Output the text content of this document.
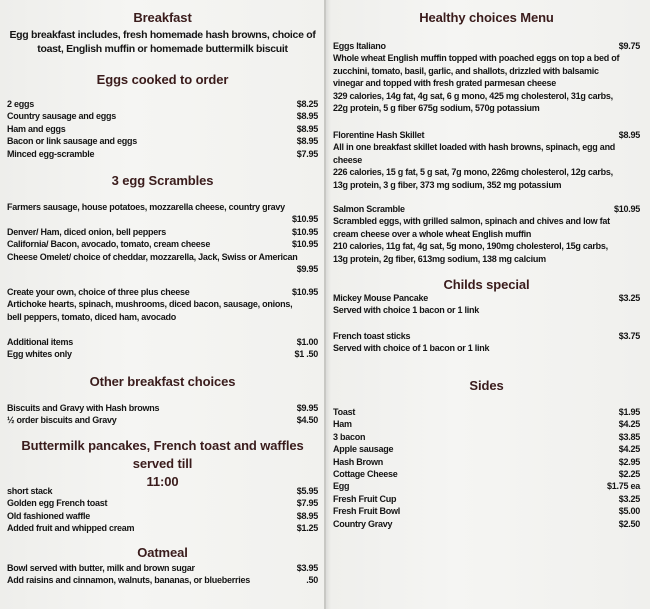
Breakfast
Egg breakfast includes, fresh homemade hash browns, choice of
toast, English muffin or homemade buttermilk biscuit
Eggs cooked to order
2 eggs	$8.25
Country sausage and eggs	$8.95
Ham and eggs	$8.95
Bacon or link sausage and eggs	$8.95
Minced egg-scramble	$7.95
3 egg Scrambles
Farmers sausage, house potatoes, mozzarella cheese, country gravy
$10.95
Denver/ Ham, diced onion, bell peppers	$10.95
California/ Bacon, avocado, tomato, cream cheese	$10.95
Cheese Omelet/ choice of cheddar, mozzarella, Jack, Swiss or American
$9.95
Create your own, choice of three plus cheese	$10.95
Artichoke hearts, spinach, mushrooms, diced bacon, sausage, onions,
bell peppers, tomato, diced ham, avocado
Additional items	$1.00
Egg whites only	$1 .50
Other breakfast choices
Biscuits and Gravy with Hash browns	$9.95
½ order biscuits and Gravy	$4.50
Buttermilk pancakes, French toast and waffles served till
11:00
short stack	$5.95
Golden egg French toast	$7.95
Old fashioned waffle	$8.95
Added fruit and whipped cream	$1.25
Oatmeal
Bowl served with butter, milk and brown sugar	$3.95
Add raisins and cinnamon, walnuts, bananas, or blueberries	.50
Healthy choices Menu
Eggs Italiano	$9.75
Whole wheat English muffin topped with poached eggs on top a bed of
zucchini, tomato, basil, garlic, and shallots, drizzled with balsamic
vinegar and topped with fresh grated parmesan cheese
329 calories, 14g fat, 4g sat, 6 g mono, 425 mg cholesterol, 31g carbs,
22g protein, 5 g fiber 675g sodium, 570g potassium
Florentine Hash Skillet	$8.95
All in one breakfast skillet loaded with hash browns, spinach, egg and
cheese
226 calories, 15 g fat, 5 g sat, 7g mono, 226mg cholesterol, 12g carbs,
13g protein, 3 g fiber, 373 mg sodium, 352 mg potassium
Salmon Scramble	$10.95
Scrambled eggs, with grilled salmon, spinach and chives and low fat
cream cheese over a whole wheat English muffin
210 calories, 11g fat, 4g sat, 5g mono, 190mg cholesterol, 15g carbs,
13g protein, 2g fiber, 613mg sodium, 138 mg calcium
Childs special
Mickey Mouse Pancake	$3.25
Served with choice 1 bacon or 1 link
French toast sticks	$3.75
Served with choice of 1 bacon or 1 link
Sides
Toast	$1.95
Ham	$4.25
3 bacon	$3.85
Apple sausage	$4.25
Hash Brown	$2.95
Cottage Cheese	$2.25
Egg	$1.75 ea
Fresh Fruit Cup	$3.25
Fresh Fruit Bowl	$5.00
Country Gravy	$2.50
